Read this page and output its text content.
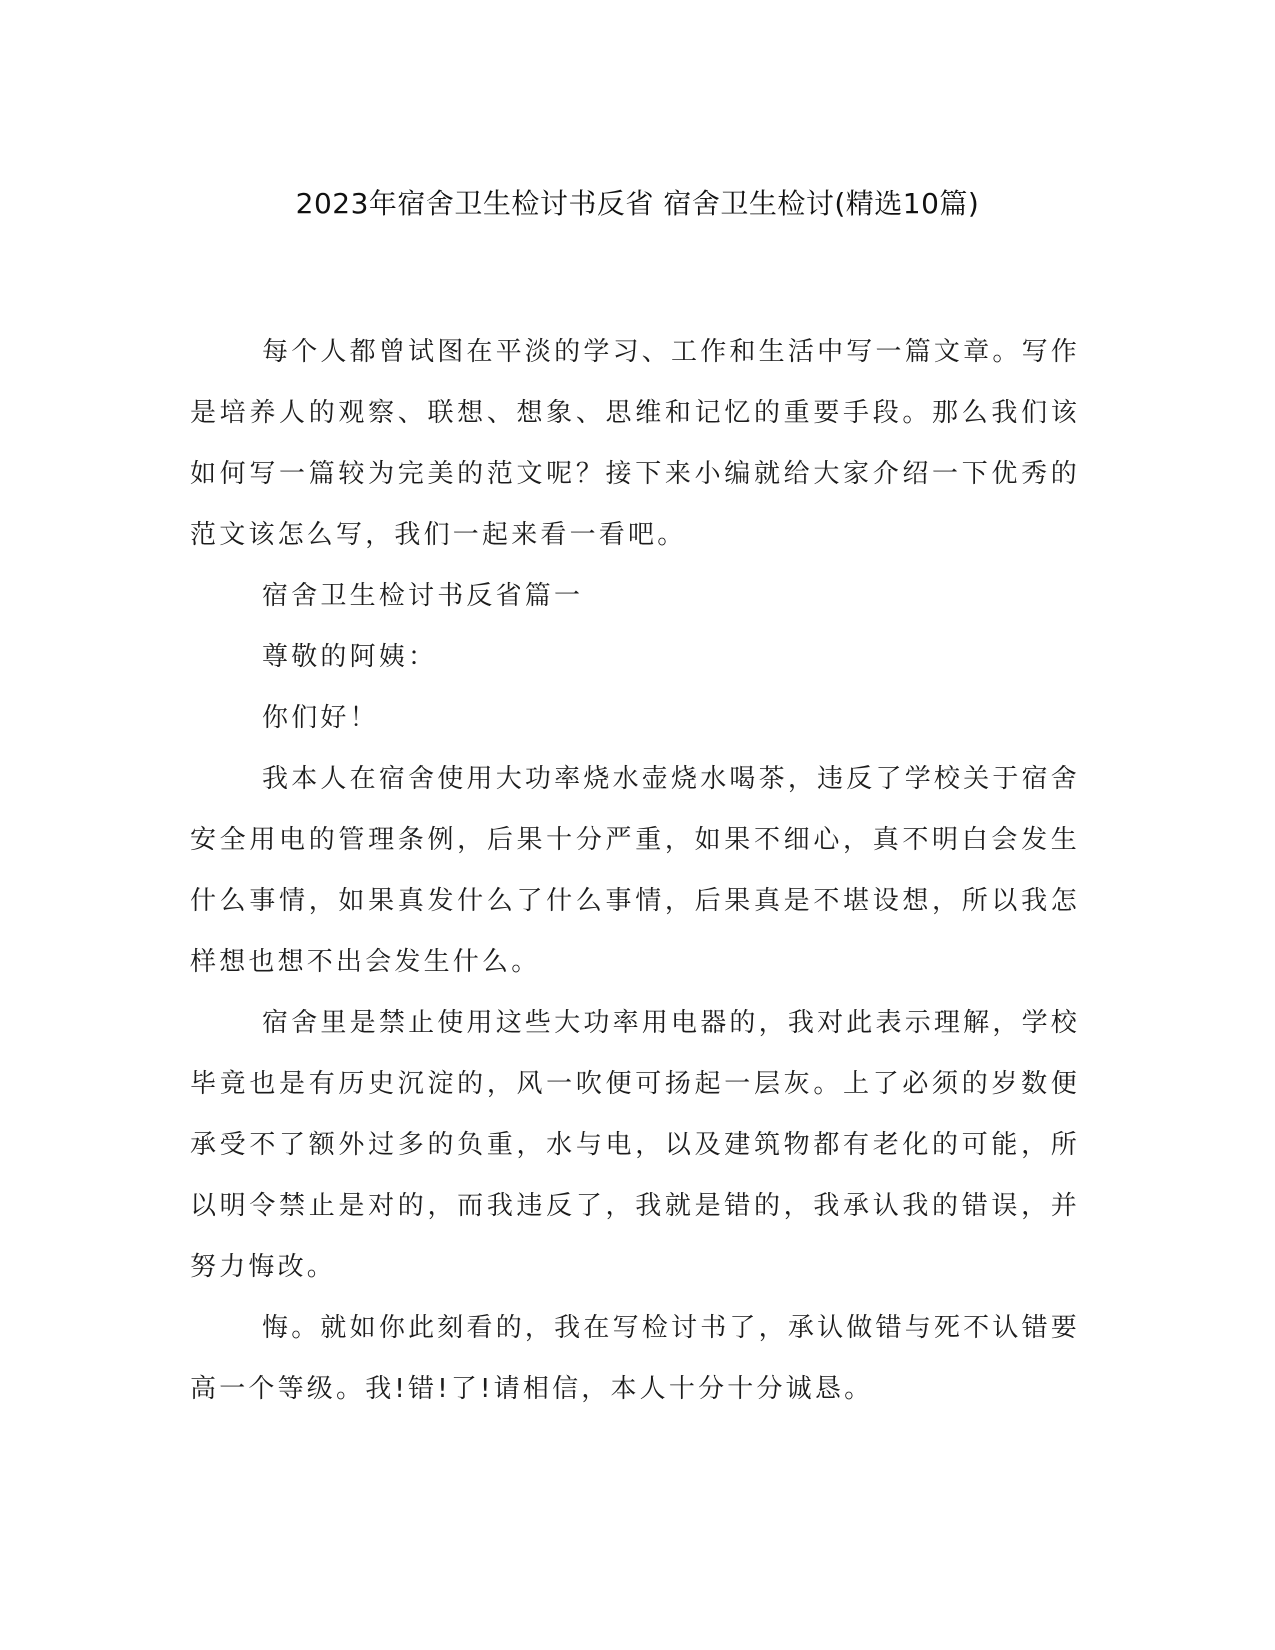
2023年宿舍卫生检讨书反省 宿舍卫生检讨(精选10篇)

每个人都曾试图在平淡的学习、工作和生活中写一篇文章。写作是培养人的观察、联想、想象、思维和记忆的重要手段。那么我们该如何写一篇较为完美的范文呢？接下来小编就给大家介绍一下优秀的范文该怎么写，我们一起来看一看吧。

宿舍卫生检讨书反省篇一

尊敬的阿姨：

你们好！

我本人在宿舍使用大功率烧水壶烧水喝茶，违反了学校关于宿舍安全用电的管理条例，后果十分严重，如果不细心，真不明白会发生什么事情，如果真发什么了什么事情，后果真是不堪设想，所以我怎样想也想不出会发生什么。

宿舍里是禁止使用这些大功率用电器的，我对此表示理解，学校毕竟也是有历史沉淀的，风一吹便可扬起一层灰。上了必须的岁数便承受不了额外过多的负重，水与电，以及建筑物都有老化的可能，所以明令禁止是对的，而我违反了，我就是错的，我承认我的错误，并努力悔改。

悔。就如你此刻看的，我在写检讨书了，承认做错与死不认错要高一个等级。我!错!了!请相信，本人十分十分诚恳。
